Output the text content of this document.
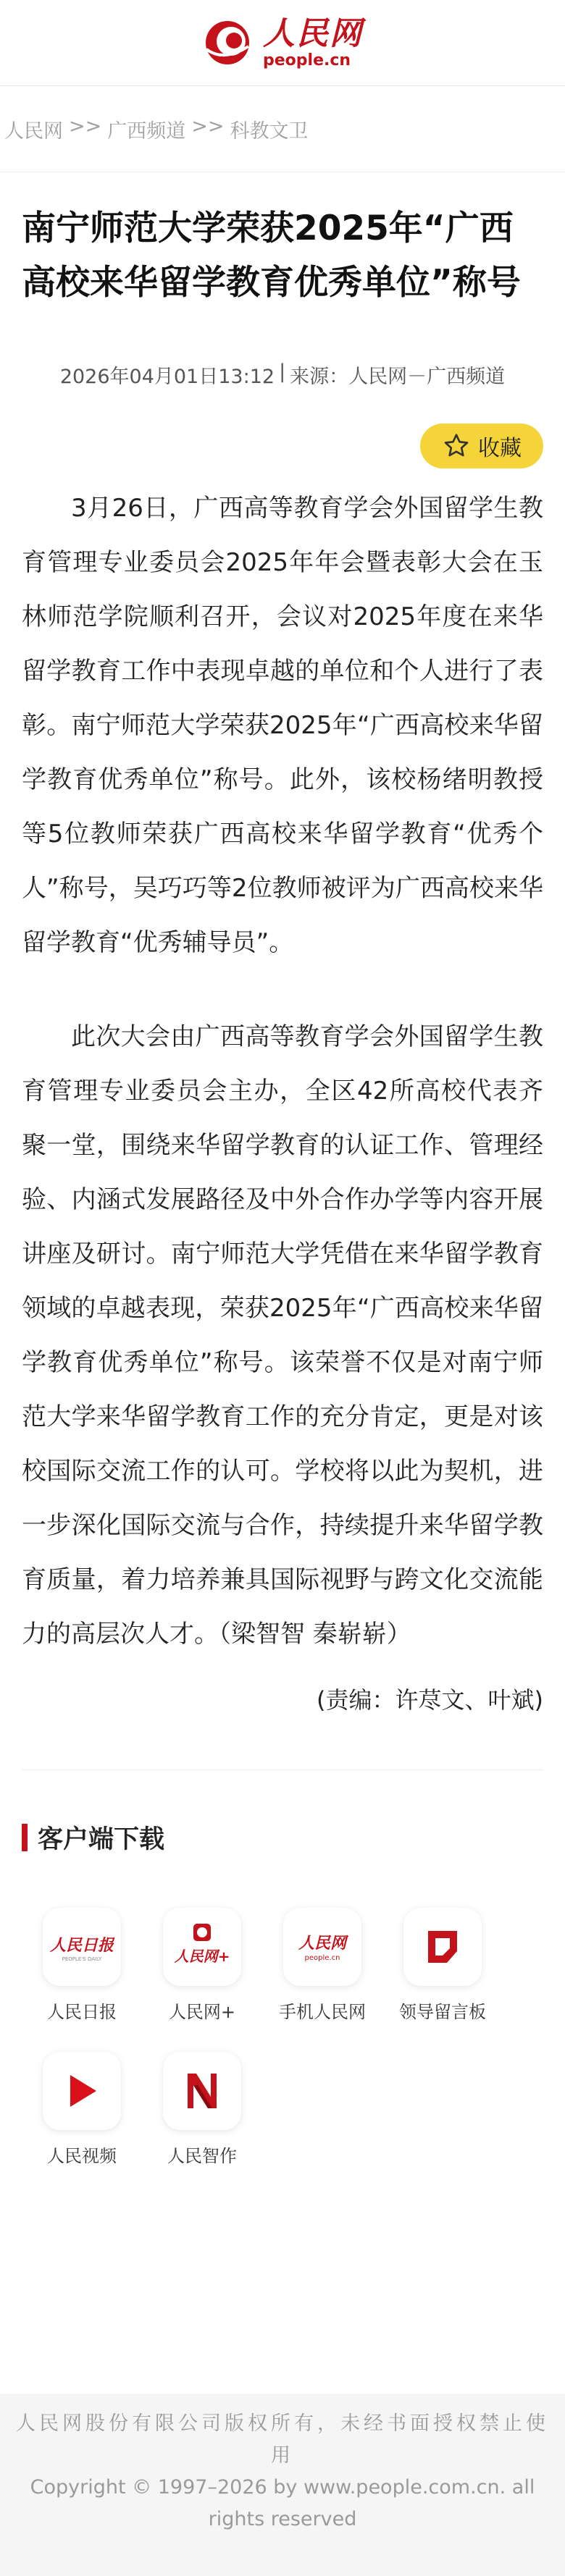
人民网
people.cn
人民网 >> 广西频道 >> 科教文卫
南宁师范大学荣获2025年“广西高校来华留学教育优秀单位”称号
2026年04月01日13:12 | 来源：人民网－广西频道
收藏

3月26日，广西高等教育学会外国留学生教育管理专业委员会2025年年会暨表彰大会在玉林师范学院顺利召开，会议对2025年度在来华留学教育工作中表现卓越的单位和个人进行了表彰。南宁师范大学荣获2025年“广西高校来华留学教育优秀单位”称号。此外，该校杨绪明教授等5位教师荣获广西高校来华留学教育“优秀个人”称号，吴巧巧等2位教师被评为广西高校来华留学教育“优秀辅导员”。

此次大会由广西高等教育学会外国留学生教育管理专业委员会主办，全区42所高校代表齐聚一堂，围绕来华留学教育的认证工作、管理经验、内涵式发展路径及中外合作办学等内容开展讲座及研讨。南宁师范大学凭借在来华留学教育领域的卓越表现，荣获2025年“广西高校来华留学教育优秀单位”称号。该荣誉不仅是对南宁师范大学来华留学教育工作的充分肯定，更是对该校国际交流工作的认可。学校将以此为契机，进一步深化国际交流与合作，持续提升来华留学教育质量，着力培养兼具国际视野与跨文化交流能力的高层次人才。（梁智智 秦崭崭）

(责编：许荩文、叶斌)
客户端下载
人民日报
PEOPLE'S DAILY
人民日报
人民网+
人民网+
人民网
people.cn
手机人民网 领导留言板
人民视频	人民智作
人民网股份有限公司版权所有，未经书面授权禁止使用
Copyright © 1997–2026 by www.people.com.cn. all rights reserved
